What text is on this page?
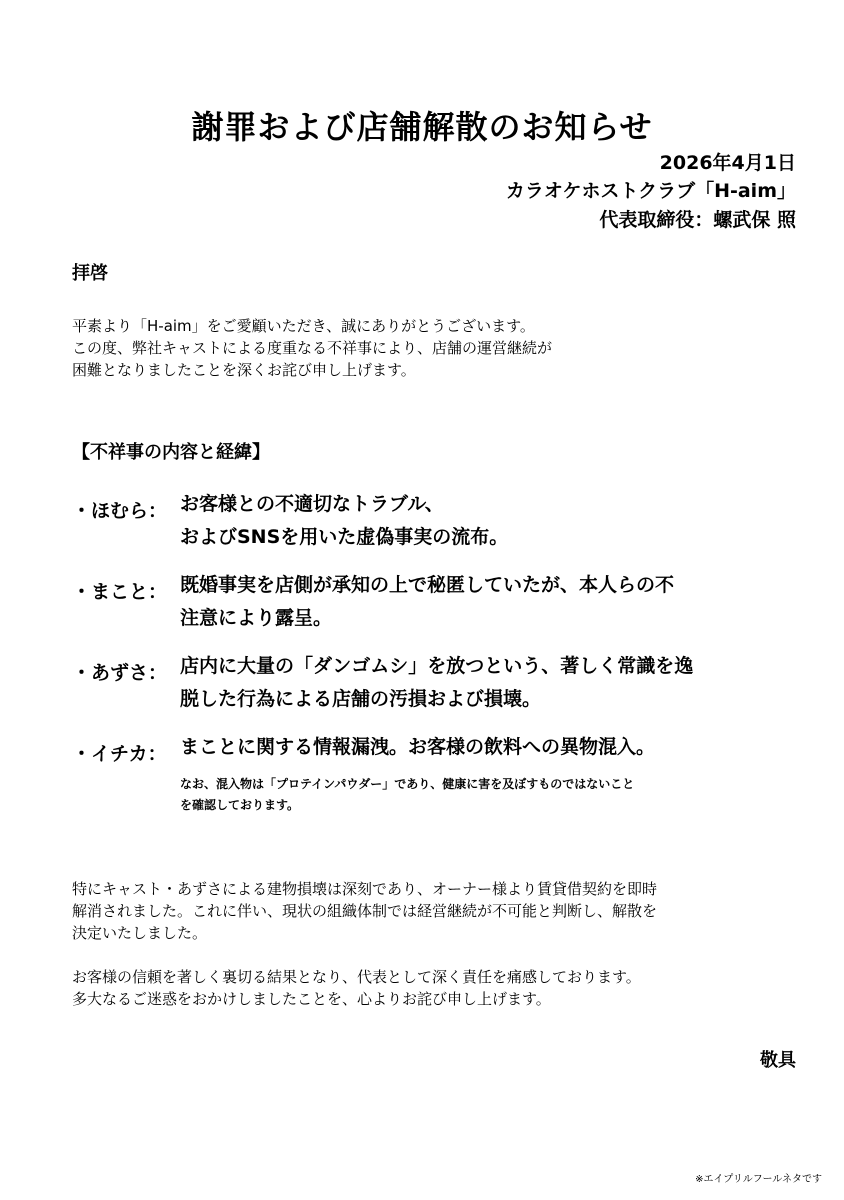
謝罪および店舗解散のお知らせ
2026年4月1日
カラオケホストクラブ「H-aim」
代表取締役：螺武保 照
拝啓
平素より「H-aim」をご愛顧いただき、誠にありがとうございます。
この度、弊社キャストによる度重なる不祥事により、店舗の運営継続が
困難となりましたことを深くお詫び申し上げます。
【不祥事の内容と経緯】
・ほむら： お客様との不適切なトラブル、
およびSNSを用いた虚偽事実の流布。
・まこと： 既婚事実を店側が承知の上で秘匿していたが、本人らの不
注意により露呈。
・あずさ： 店内に大量の「ダンゴムシ」を放つという、著しく常識を逸
脱した行為による店舗の汚損および損壊。
・イチカ： まことに関する情報漏洩。お客様の飲料への異物混入。
なお、混入物は「プロテインパウダー」であり、健康に害を及ぼすものではないこと
を確認しております。
特にキャスト・あずさによる建物損壊は深刻であり、オーナー様より賃貸借契約を即時
解消されました。これに伴い、現状の組織体制では経営継続が不可能と判断し、解散を
決定いたしました。
お客様の信頼を著しく裏切る結果となり、代表として深く責任を痛感しております。
多大なるご迷惑をおかけしましたことを、心よりお詫び申し上げます。
敬具
※エイプリルフールネタです
